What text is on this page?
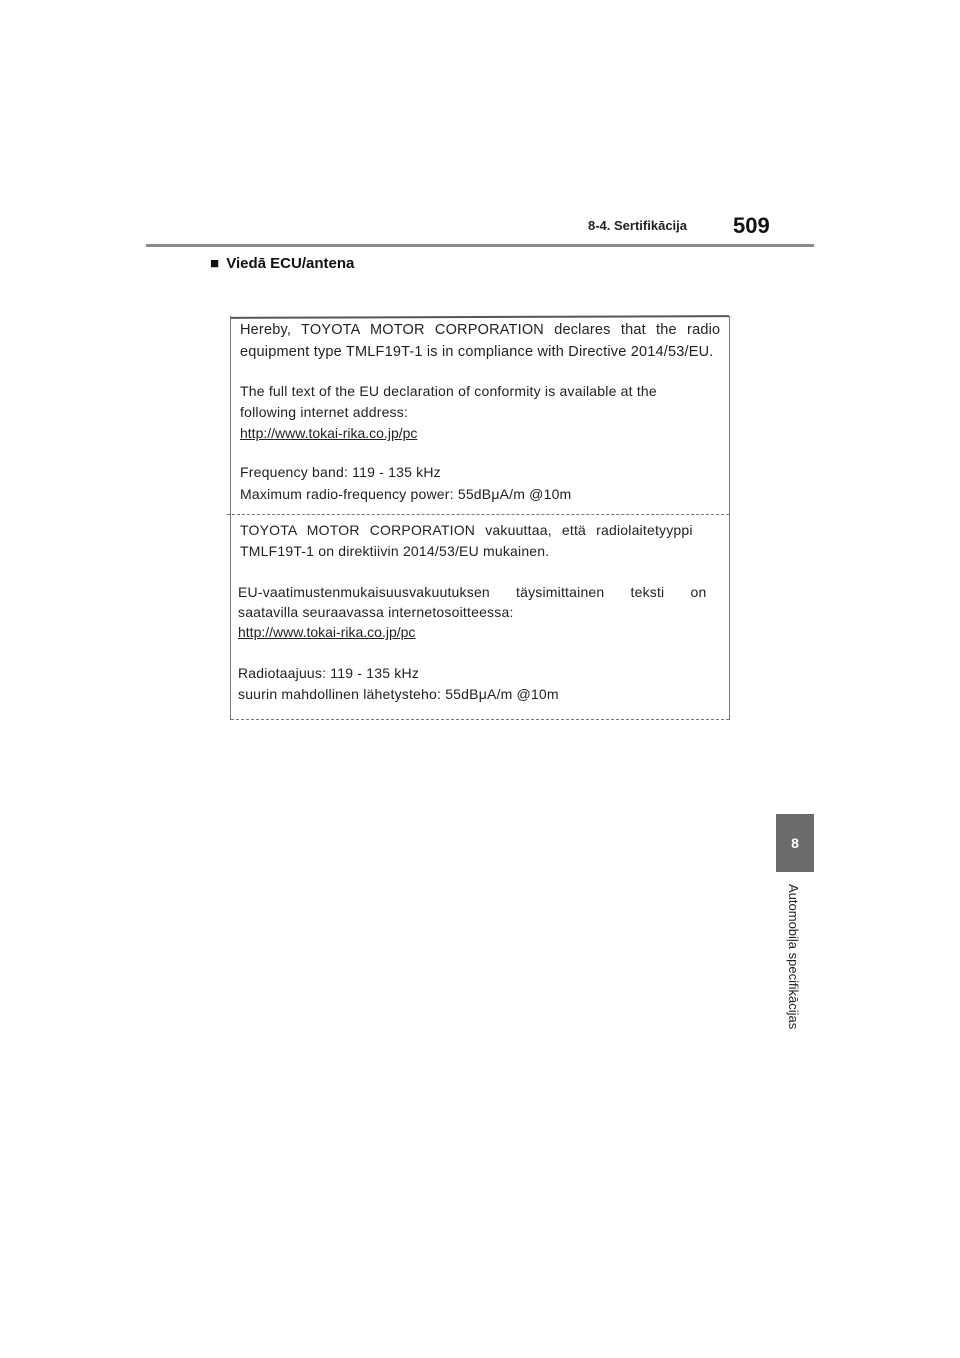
8-4. Sertifikācija 509
■ Viedā ECU/antena
Hereby, TOYOTA MOTOR CORPORATION declares that the radio
equipment type TMLF19T-1 is in compliance with Directive 2014/53/EU.
The full text of the EU declaration of conformity is available at the
following internet address:
http://www.tokai-rika.co.jp/pc
Frequency band: 119 - 135 kHz
Maximum radio-frequency power: 55dBμA/m @10m
TOYOTA MOTOR CORPORATION vakuuttaa, että radiolaitetyyppi
TMLF19T-1 on direktiivin 2014/53/EU mukainen.
EU-vaatimustenmukaisuusvakuutuksen täysimittainen teksti on
saatavilla seuraavassa internetosoitteessa:
http://www.tokai-rika.co.jp/pc
Radiotaajuus: 119 - 135 kHz
suurin mahdollinen lähetysteho: 55dBμA/m @10m
8
Automobiļa specifikācijas
